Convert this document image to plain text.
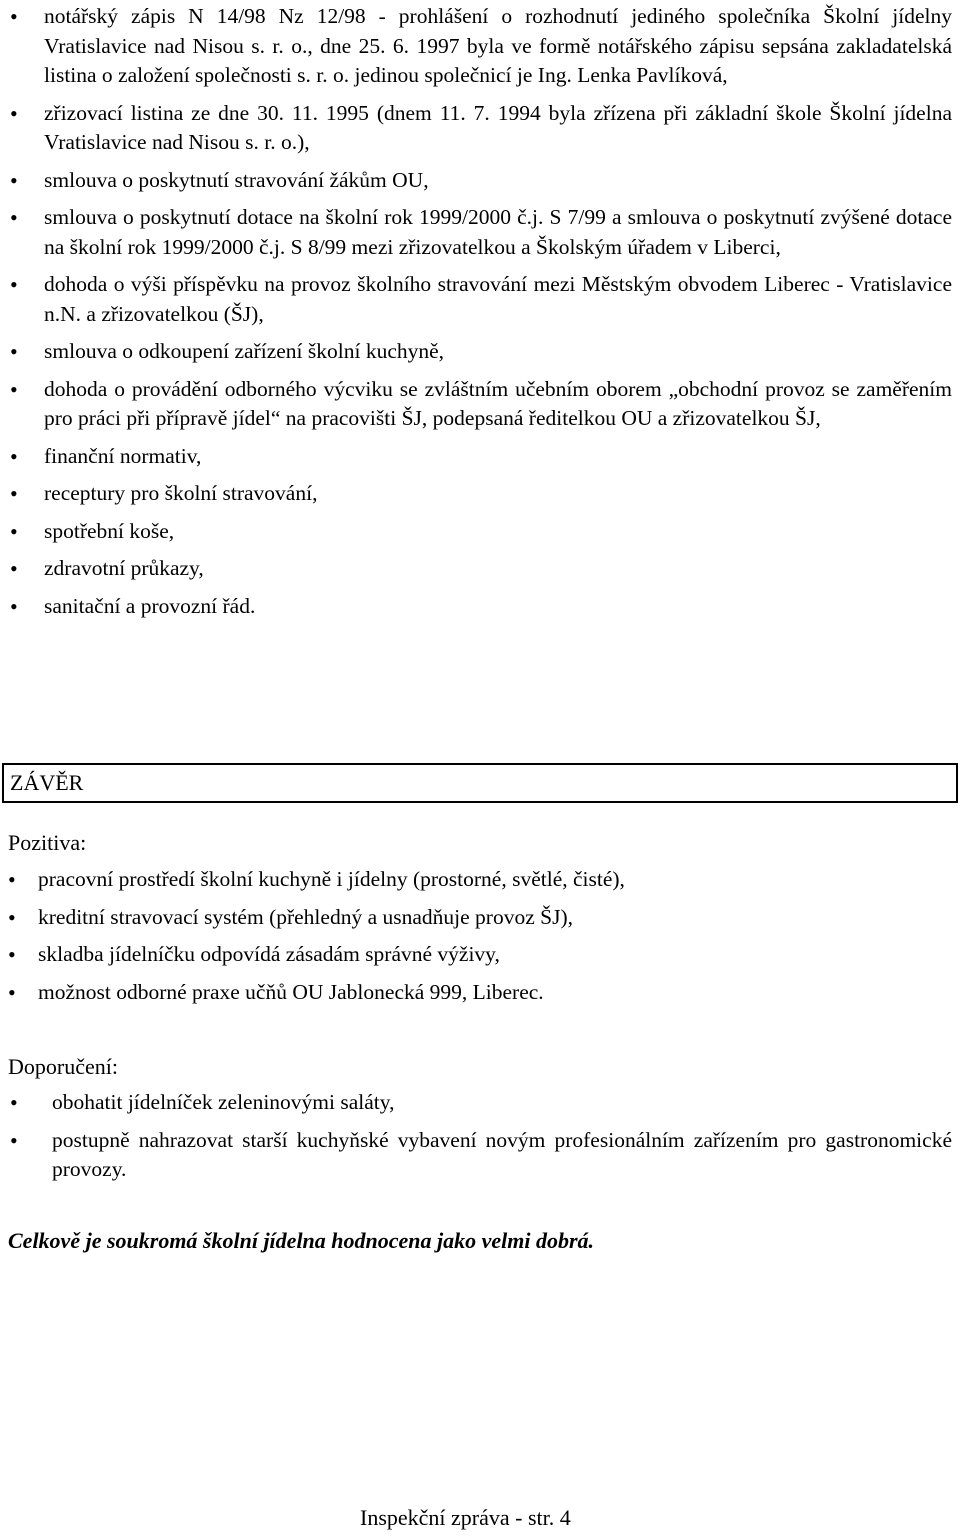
• notářský zápis N 14/98 Nz 12/98 - prohlášení o rozhodnutí jediného společníka Školní jídelny Vratislavice nad Nisou s. r. o., dne 25. 6. 1997 byla ve formě notářského zápisu sepsána zakladatelská listina o založení společnosti s. r. o. jedinou společnicí je Ing. Lenka Pavlíková,
• zřizovací listina ze dne 30. 11. 1995 (dnem 11. 7. 1994 byla zřízena při základní škole Školní jídelna Vratislavice nad Nisou s. r. o.),
• smlouva o poskytnutí stravování žákům OU,
• smlouva o poskytnutí dotace na školní rok 1999/2000 č.j. S 7/99 a smlouva o poskytnutí zvýšené dotace na školní rok 1999/2000 č.j. S 8/99 mezi zřizovatelkou a Školským úřadem v Liberci,
• dohoda o výši příspěvku na provoz školního stravování mezi Městským obvodem Liberec - Vratislavice n.N. a zřizovatelkou (ŠJ),
• smlouva o odkoupení zařízení školní kuchyně,
• dohoda o provádění odborného výcviku se zvláštním učebním oborem „obchodní provoz se zaměřením pro práci při přípravě jídel“ na pracovišti ŠJ, podepsaná ředitelkou OU a zřizovatelkou ŠJ,
• finanční normativ,
• receptury pro školní stravování,
• spotřební koše,
• zdravotní průkazy,
• sanitační a provozní řád.
ZÁVĚR
Pozitiva:
• pracovní prostředí školní kuchyně i jídelny (prostorné, světlé, čisté),
• kreditní stravovací systém (přehledný a usnadňuje provoz ŠJ),
• skladba jídelníčku odpovídá zásadám správné výživy,
• možnost odborné praxe učňů OU Jablonecká 999, Liberec.
Doporučení:
• obohatit jídelníček zeleninovými saláty,
• postupně nahrazovat starší kuchyňské vybavení novým profesionálním zařízením pro gastronomické provozy.
Celkově je soukromá školní jídelna hodnocena jako velmi dobrá.
Inspekční zpráva - str. 4
